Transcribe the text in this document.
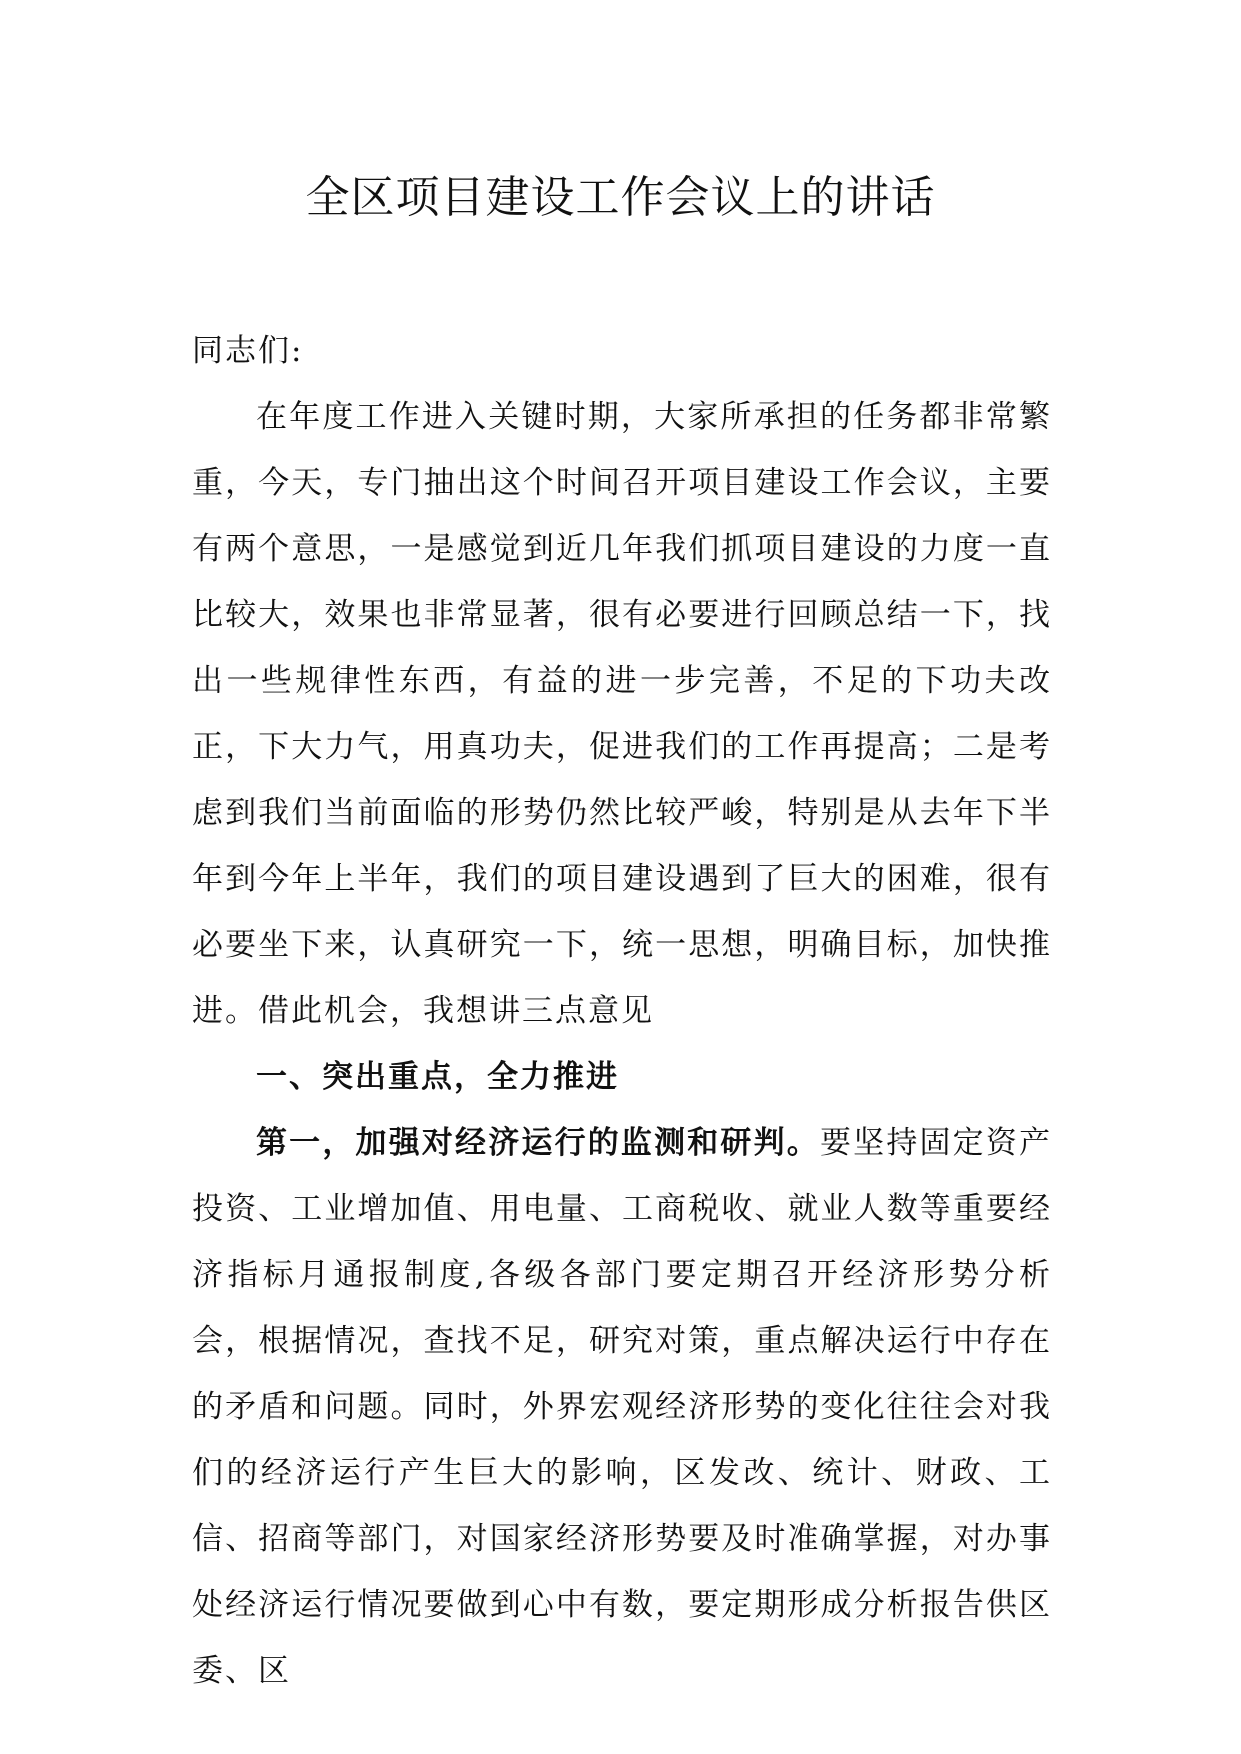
全区项目建设工作会议上的讲话

同志们:

在年度工作进入关键时期，大家所承担的任务都非常繁重，今天，专门抽出这个时间召开项目建设工作会议，主要有两个意思，一是感觉到近几年我们抓项目建设的力度一直比较大，效果也非常显著，很有必要进行回顾总结一下，找出一些规律性东西，有益的进一步完善，不足的下功夫改正，下大力气，用真功夫，促进我们的工作再提高；二是考虑到我们当前面临的形势仍然比较严峻，特别是从去年下半年到今年上半年，我们的项目建设遇到了巨大的困难，很有必要坐下来，认真研究一下，统一思想，明确目标，加快推进。借此机会，我想讲三点意见

一、突出重点，全力推进

第一，加强对经济运行的监测和研判。要坚持固定资产投资、工业增加值、用电量、工商税收、就业人数等重要经济指标月通报制度,各级各部门要定期召开经济形势分析会，根据情况，查找不足，研究对策，重点解决运行中存在的矛盾和问题。同时，外界宏观经济形势的变化往往会对我们的经济运行产生巨大的影响，区发改、统计、财政、工信、招商等部门，对国家经济形势要及时准确掌握，对办事处经济运行情况要做到心中有数，要定期形成分析报告供区委、区
